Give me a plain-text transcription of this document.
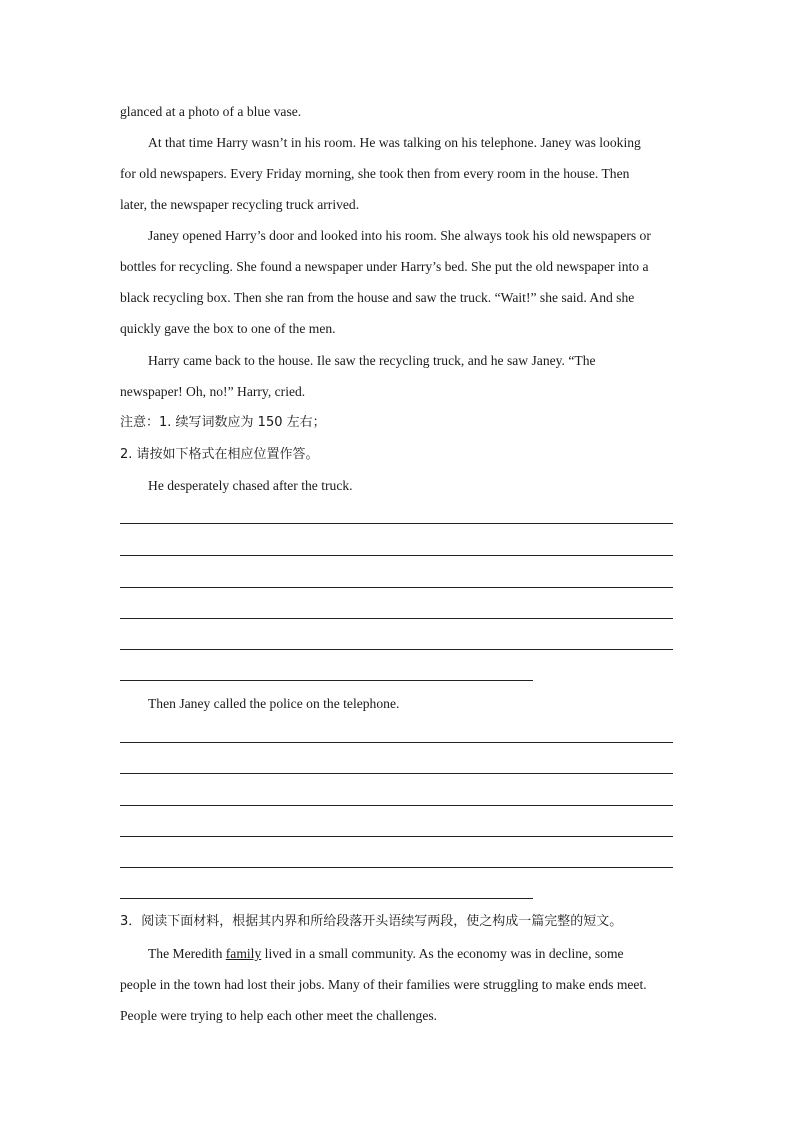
glanced at a photo of a blue vase.
At that time Harry wasn’t in his room. He was talking on his telephone. Janey was looking
for old newspapers. Every Friday morning, she took then from every room in the house. Then
later, the newspaper recycling truck arrived.
Janey opened Harry’s door and looked into his room. She always took his old newspapers or
bottles for recycling. She found a newspaper under Harry’s bed. She put the old newspaper into a
black recycling box. Then she ran from the house and saw the truck. “Wait!” she said. And she
quickly gave the box to one of the men.
Harry came back to the house. Ile saw the recycling truck, and he saw Janey. “The
newspaper! Oh, no!” Harry, cried.
注意：1. 续写词数应为 150 左右；
2. 请按如下格式在相应位置作答。
He desperately chased after the truck.
Then Janey called the police on the telephone.
3．阅读下面材料，根据其内界和所给段落开头语续写两段，使之构成一篇完整的短文。
The Meredith family lived in a small community. As the economy was in decline, some
people in the town had lost their jobs. Many of their families were struggling to make ends meet.
People were trying to help each other meet the challenges.
